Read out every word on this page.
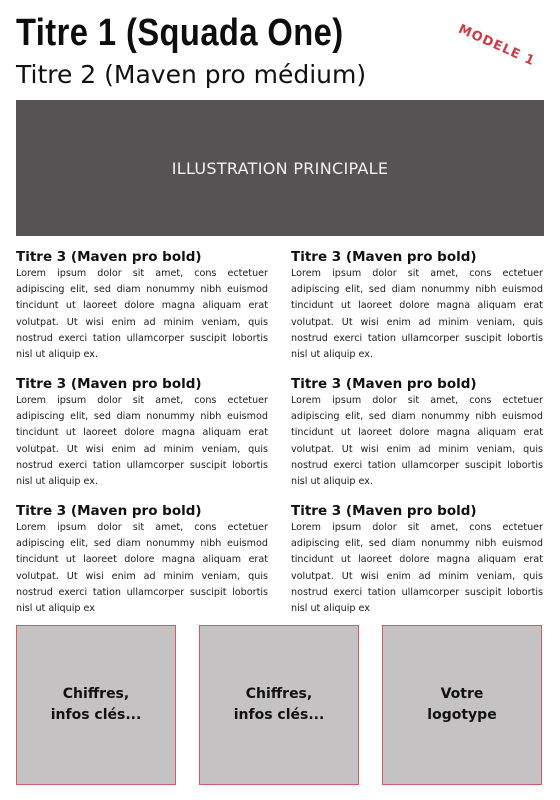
Titre 1 (Squada One)
Titre 2 (Maven pro médium)
MODELE 1
ILLUSTRATION PRINCIPALE
Titre 3 (Maven pro bold)

Lorem ipsum dolor sit amet, cons ectetuer adipiscing elit, sed diam nonummy nibh euismod tincidunt ut laoreet dolore magna aliquam erat volutpat. Ut wisi enim ad minim veniam, quis nostrud exerci tation ullamcorper suscipit lobortis nisl ut aliquip ex.

Titre 3 (Maven pro bold)

Lorem ipsum dolor sit amet, cons ectetuer adipiscing elit, sed diam nonummy nibh euismod tincidunt ut laoreet dolore magna aliquam erat volutpat. Ut wisi enim ad minim veniam, quis nostrud exerci tation ullamcorper suscipit lobortis nisl ut aliquip ex.

Titre 3 (Maven pro bold)

Lorem ipsum dolor sit amet, cons ectetuer adipiscing elit, sed diam nonummy nibh euismod tincidunt ut laoreet dolore magna aliquam erat volutpat. Ut wisi enim ad minim veniam, quis nostrud exerci tation ullamcorper suscipit lobortis nisl ut aliquip ex.

Titre 3 (Maven pro bold)

Lorem ipsum dolor sit amet, cons ectetuer adipiscing elit, sed diam nonummy nibh euismod tincidunt ut laoreet dolore magna aliquam erat volutpat. Ut wisi enim ad minim veniam, quis nostrud exerci tation ullamcorper suscipit lobortis nisl ut aliquip ex.

Titre 3 (Maven pro bold)

Lorem ipsum dolor sit amet, cons ectetuer adipiscing elit, sed diam nonummy nibh euismod tincidunt ut laoreet dolore magna aliquam erat volutpat. Ut wisi enim ad minim veniam, quis nostrud exerci tation ullamcorper suscipit lobortis nisl ut aliquip ex

Titre 3 (Maven pro bold)

Lorem ipsum dolor sit amet, cons ectetuer adipiscing elit, sed diam nonummy nibh euismod tincidunt ut laoreet dolore magna aliquam erat volutpat. Ut wisi enim ad minim veniam, quis nostrud exerci tation ullamcorper suscipit lobortis nisl ut aliquip ex

Chiffres,
infos clés...
Chiffres,
infos clés...
Votre
logotype
